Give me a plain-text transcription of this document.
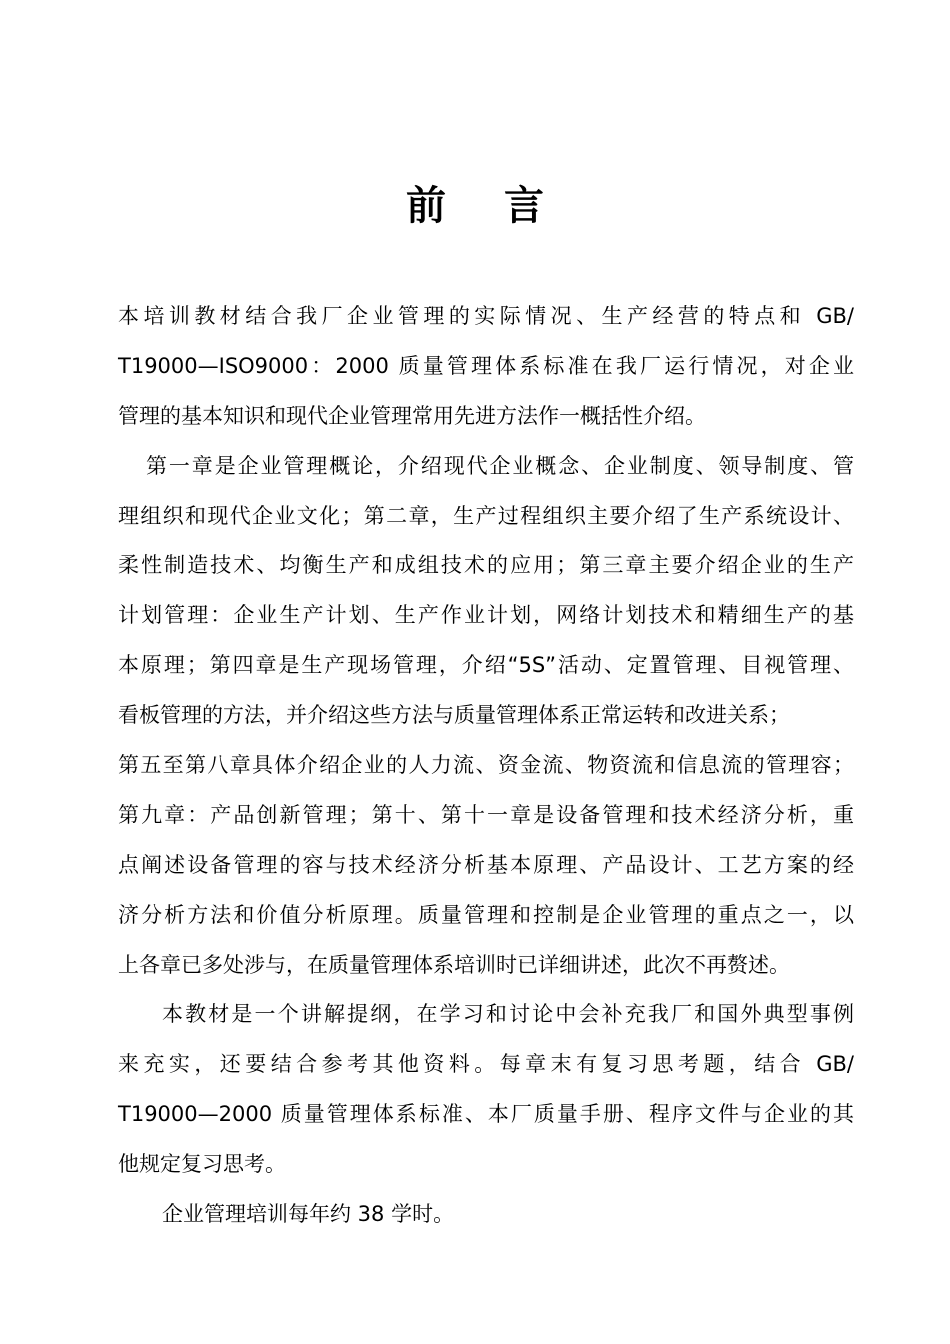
前 言
本培训教材结合我厂企业管理的实际情况、生产经营的特点和 GB/
T19000—ISO9000：2000 质量管理体系标准在我厂运行情况，对企业
管理的基本知识和现代企业管理常用先进方法作一概括性介绍。
第一章是企业管理概论，介绍现代企业概念、企业制度、领导制度、管
理组织和现代企业文化；第二章，生产过程组织主要介绍了生产系统设计、
柔性制造技术、均衡生产和成组技术的应用；第三章主要介绍企业的生产
计划管理：企业生产计划、生产作业计划，网络计划技术和精细生产的基
本原理；第四章是生产现场管理，介绍“5S”活动、定置管理、目视管理、
看板管理的方法，并介绍这些方法与质量管理体系正常运转和改进关系；
第五至第八章具体介绍企业的人力流、资金流、物资流和信息流的管理容；
第九章：产品创新管理；第十、第十一章是设备管理和技术经济分析，重
点阐述设备管理的容与技术经济分析基本原理、产品设计、工艺方案的经
济分析方法和价值分析原理。质量管理和控制是企业管理的重点之一，以
上各章已多处涉与，在质量管理体系培训时已详细讲述，此次不再赘述。
本教材是一个讲解提纲，在学习和讨论中会补充我厂和国外典型事例
来充实，还要结合参考其他资料。每章末有复习思考题，结合 GB/
T19000—2000 质量管理体系标准、本厂质量手册、程序文件与企业的其
他规定复习思考。
企业管理培训每年约 38 学时。
